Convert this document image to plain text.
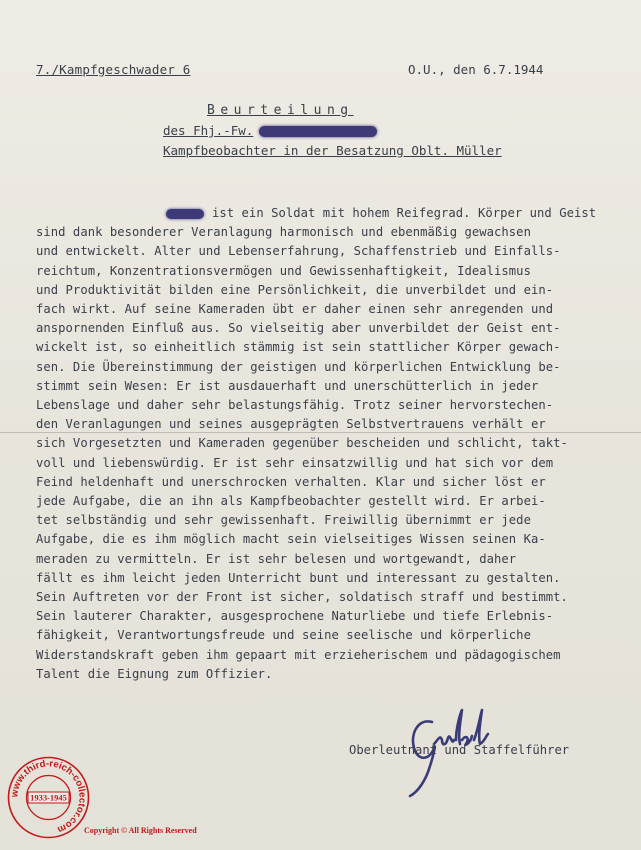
7./Kampfgeschwader 6	O.U., den 6.7.1944
Beurteilung
des Fhj.-Fw.
Kampfbeobachter in der Besatzung Oblt. Müller
ist ein Soldat mit hohem Reifegrad. Körper und Geist
sind dank besonderer Veranlagung harmonisch und ebenmäßig gewachsen
und entwickelt. Alter und Lebenserfahrung, Schaffenstrieb und Einfalls-
reichtum, Konzentrationsvermögen und Gewissenhaftigkeit, Idealismus
und Produktivität bilden eine Persönlichkeit, die unverbildet und ein-
fach wirkt. Auf seine Kameraden übt er daher einen sehr anregenden und
anspornenden Einfluß aus. So vielseitig aber unverbildet der Geist ent-
wickelt ist, so einheitlich stämmig ist sein stattlicher Körper gewach-
sen. Die Übereinstimmung der geistigen und körperlichen Entwicklung be-
stimmt sein Wesen: Er ist ausdauerhaft und unerschütterlich in jeder
Lebenslage und daher sehr belastungsfähig. Trotz seiner hervorstechen-
den Veranlagungen und seines ausgeprägten Selbstvertrauens verhält er
sich Vorgesetzten und Kameraden gegenüber bescheiden und schlicht, takt-
voll und liebenswürdig. Er ist sehr einsatzwillig und hat sich vor dem
Feind heldenhaft und unerschrocken verhalten. Klar und sicher löst er
jede Aufgabe, die an ihn als Kampfbeobachter gestellt wird. Er arbei-
tet selbständig und sehr gewissenhaft. Freiwillig übernimmt er jede
Aufgabe, die es ihm möglich macht sein vielseitiges Wissen seinen Ka-
meraden zu vermitteln. Er ist sehr belesen und wortgewandt, daher
fällt es ihm leicht jeden Unterricht bunt und interessant zu gestalten.
Sein Auftreten vor der Front ist sicher, soldatisch straff und bestimmt.
Sein lauterer Charakter, ausgesprochene Naturliebe und tiefe Erlebnis-
fähigkeit, Verantwortungsfreude und seine seelische und körperliche
Widerstandskraft geben ihm gepaart mit erzieherischem und pädagogischem
Talent die Eignung zum Offizier.
Oberleutnant und Staffelführer
www.third-reich-collector.com
1933-1945
Copyright © All Rights Reserved
